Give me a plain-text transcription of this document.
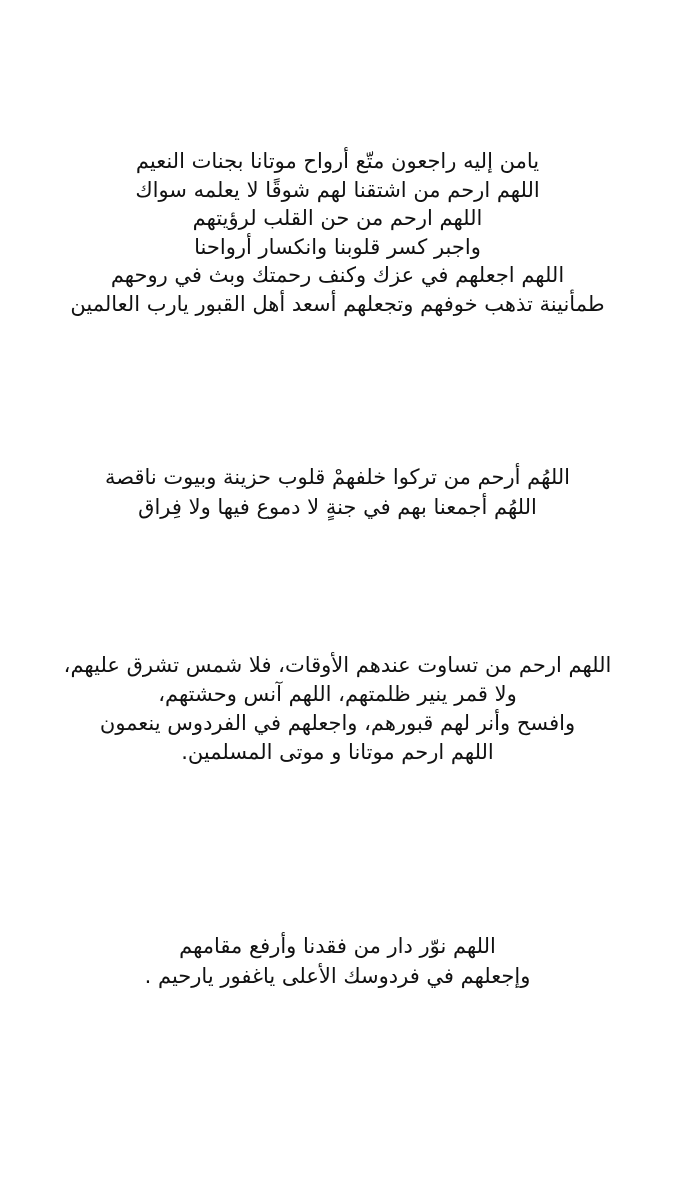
يامن إليه راجعون متّع أرواح موتانا بجنات النعيم
اللهم ارحم من اشتقنا لهم شوقًا لا يعلمه سواك
اللهم ارحم من حن القلب لرؤيتهم
واجبر كسر قلوبنا وانكسار أرواحنا
اللهم اجعلهم في عزك وكنف رحمتك وبث في روحهم
طمأنينة تذهب خوفهم وتجعلهم أسعد أهل القبور يارب العالمين
اللهُم أرحم من تركوا خلفهمْ قلوب حزينة وبيوت ناقصة
اللهُم أجمعنا بهم في جنةٍ لا دموع فيها ولا فِراق
اللهم ارحم من تساوت عندهم الأوقات، فلا شمس تشرق عليهم،
ولا قمر ينير ظلمتهم، اللهم آنس وحشتهم،
وافسح وأنر لهم قبورهم، واجعلهم في الفردوس ينعمون
اللهم ارحم موتانا و موتى المسلمين.
اللهم نوّر دار من فقدنا وأرفع مقامهم
وإجعلهم في فردوسك الأعلى ياغفور يارحيم .
